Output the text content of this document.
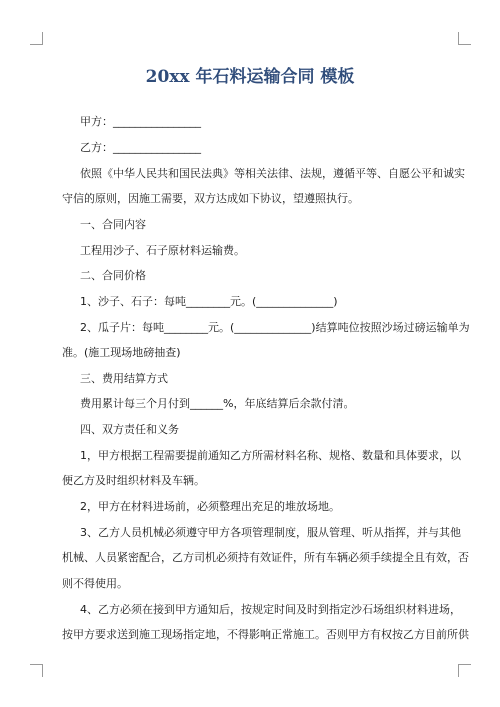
20xx 年石料运输合同 模板
甲方：________________
乙方：________________
依照《中华人民共和国民法典》等相关法律、法规，遵循平等、自愿公平和诚实
守信的原则，因施工需要，双方达成如下协议，望遵照执行。
一、合同内容
工程用沙子、石子原材料运输费。
二、合同价格
1、沙子、石子：每吨________元。(______________)
2、瓜子片：每吨________元。(______________)结算吨位按照沙场过磅运输单为
准。(施工现场地磅抽查)
三、费用结算方式
费用累计每三个月付到______%，年底结算后余款付清。
四、双方责任和义务
1，甲方根据工程需要提前通知乙方所需材料名称、规格、数量和具体要求，以
便乙方及时组织材料及车辆。
2，甲方在材料进场前，必须整理出充足的堆放场地。
3、乙方人员机械必须遵守甲方各项管理制度，服从管理、听从指挥，并与其他
机械、人员紧密配合，乙方司机必须持有效证件，所有车辆必须手续提全且有效，否
则不得使用。
4、乙方必须在接到甲方通知后，按规定时间及时到指定沙石场组织材料进场，
按甲方要求送到施工现场指定地，不得影响正常施工。否则甲方有权按乙方目前所供
